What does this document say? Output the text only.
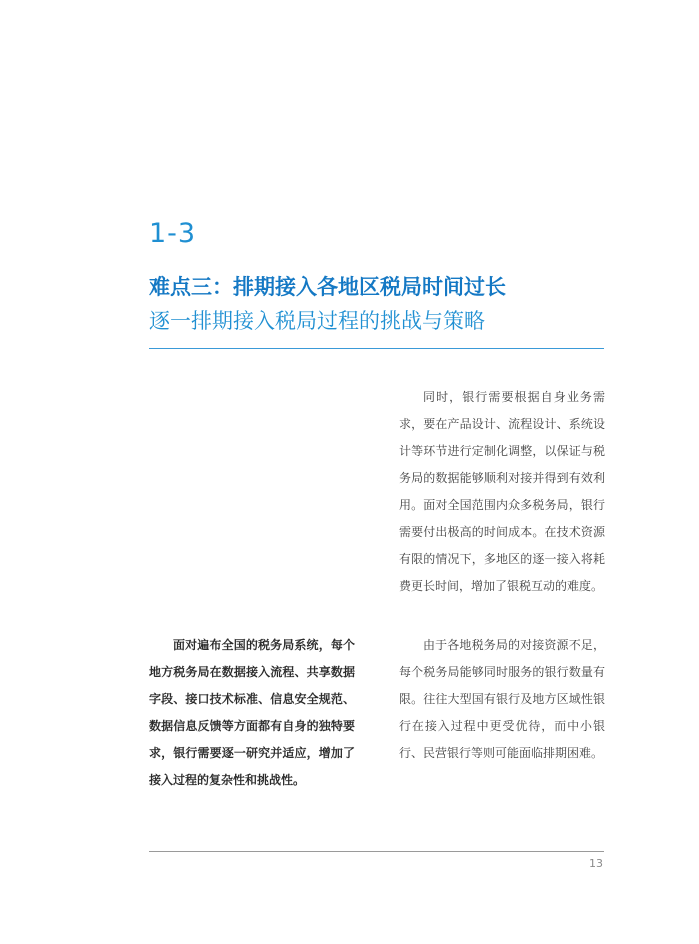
1-3
难点三：排期接入各地区税局时间过长
逐一排期接入税局过程的挑战与策略
同时，银行需要根据自身业务需求，要在产品设计、流程设计、系统设计等环节进行定制化调整，以保证与税务局的数据能够顺利对接并得到有效利用。面对全国范围内众多税务局，银行需要付出极高的时间成本。在技术资源有限的情况下，多地区的逐一接入将耗费更长时间，增加了银税互动的难度。
面对遍布全国的税务局系统，每个地方税务局在数据接入流程、共享数据字段、接口技术标准、信息安全规范、数据信息反馈等方面都有自身的独特要求，银行需要逐一研究并适应，增加了接入过程的复杂性和挑战性。
由于各地税务局的对接资源不足，每个税务局能够同时服务的银行数量有限。往往大型国有银行及地方区域性银行在接入过程中更受优待，而中小银行、民营银行等则可能面临排期困难。
13
